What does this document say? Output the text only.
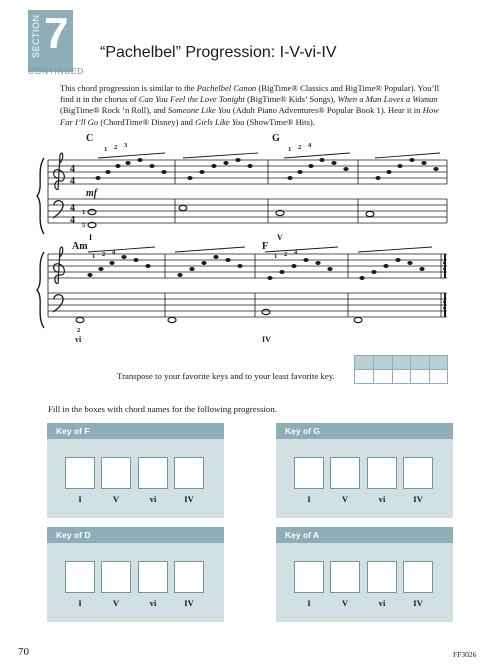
SECTION 7
CONTINUED
“Pachelbel” Progression: I-V-vi-IV
This chord progression is similar to the Pachelbel Canon (BigTime® Classics and BigTime® Popular). You’ll find it in the chorus of Can You Feel the Love Tonight (BigTime® Kids’ Songs), When a Man Loves a Woman (BigTime® Rock ’n Roll), and Someone Like You (Adult Piano Adventures® Popular Book 1). Hear it in How Far I’ll Go (ChordTime® Disney) and Girls Like You (ShowTime® Hits).
C	G
4
4
4
4
mf
1 2 3
1 2 4
5
1
I	V
Am	F
1 2 4
1 2 4
2
vi	IV
Transpose to your favorite keys and to your least favorite key.
Fill in the boxes with chord names for the following progression.
Key of F
I	V	vi	IV
Key of G
I	V	vi	IV
Key of D
I	V	vi	IV
Key of A
I	V	vi	IV
70	FF3026
